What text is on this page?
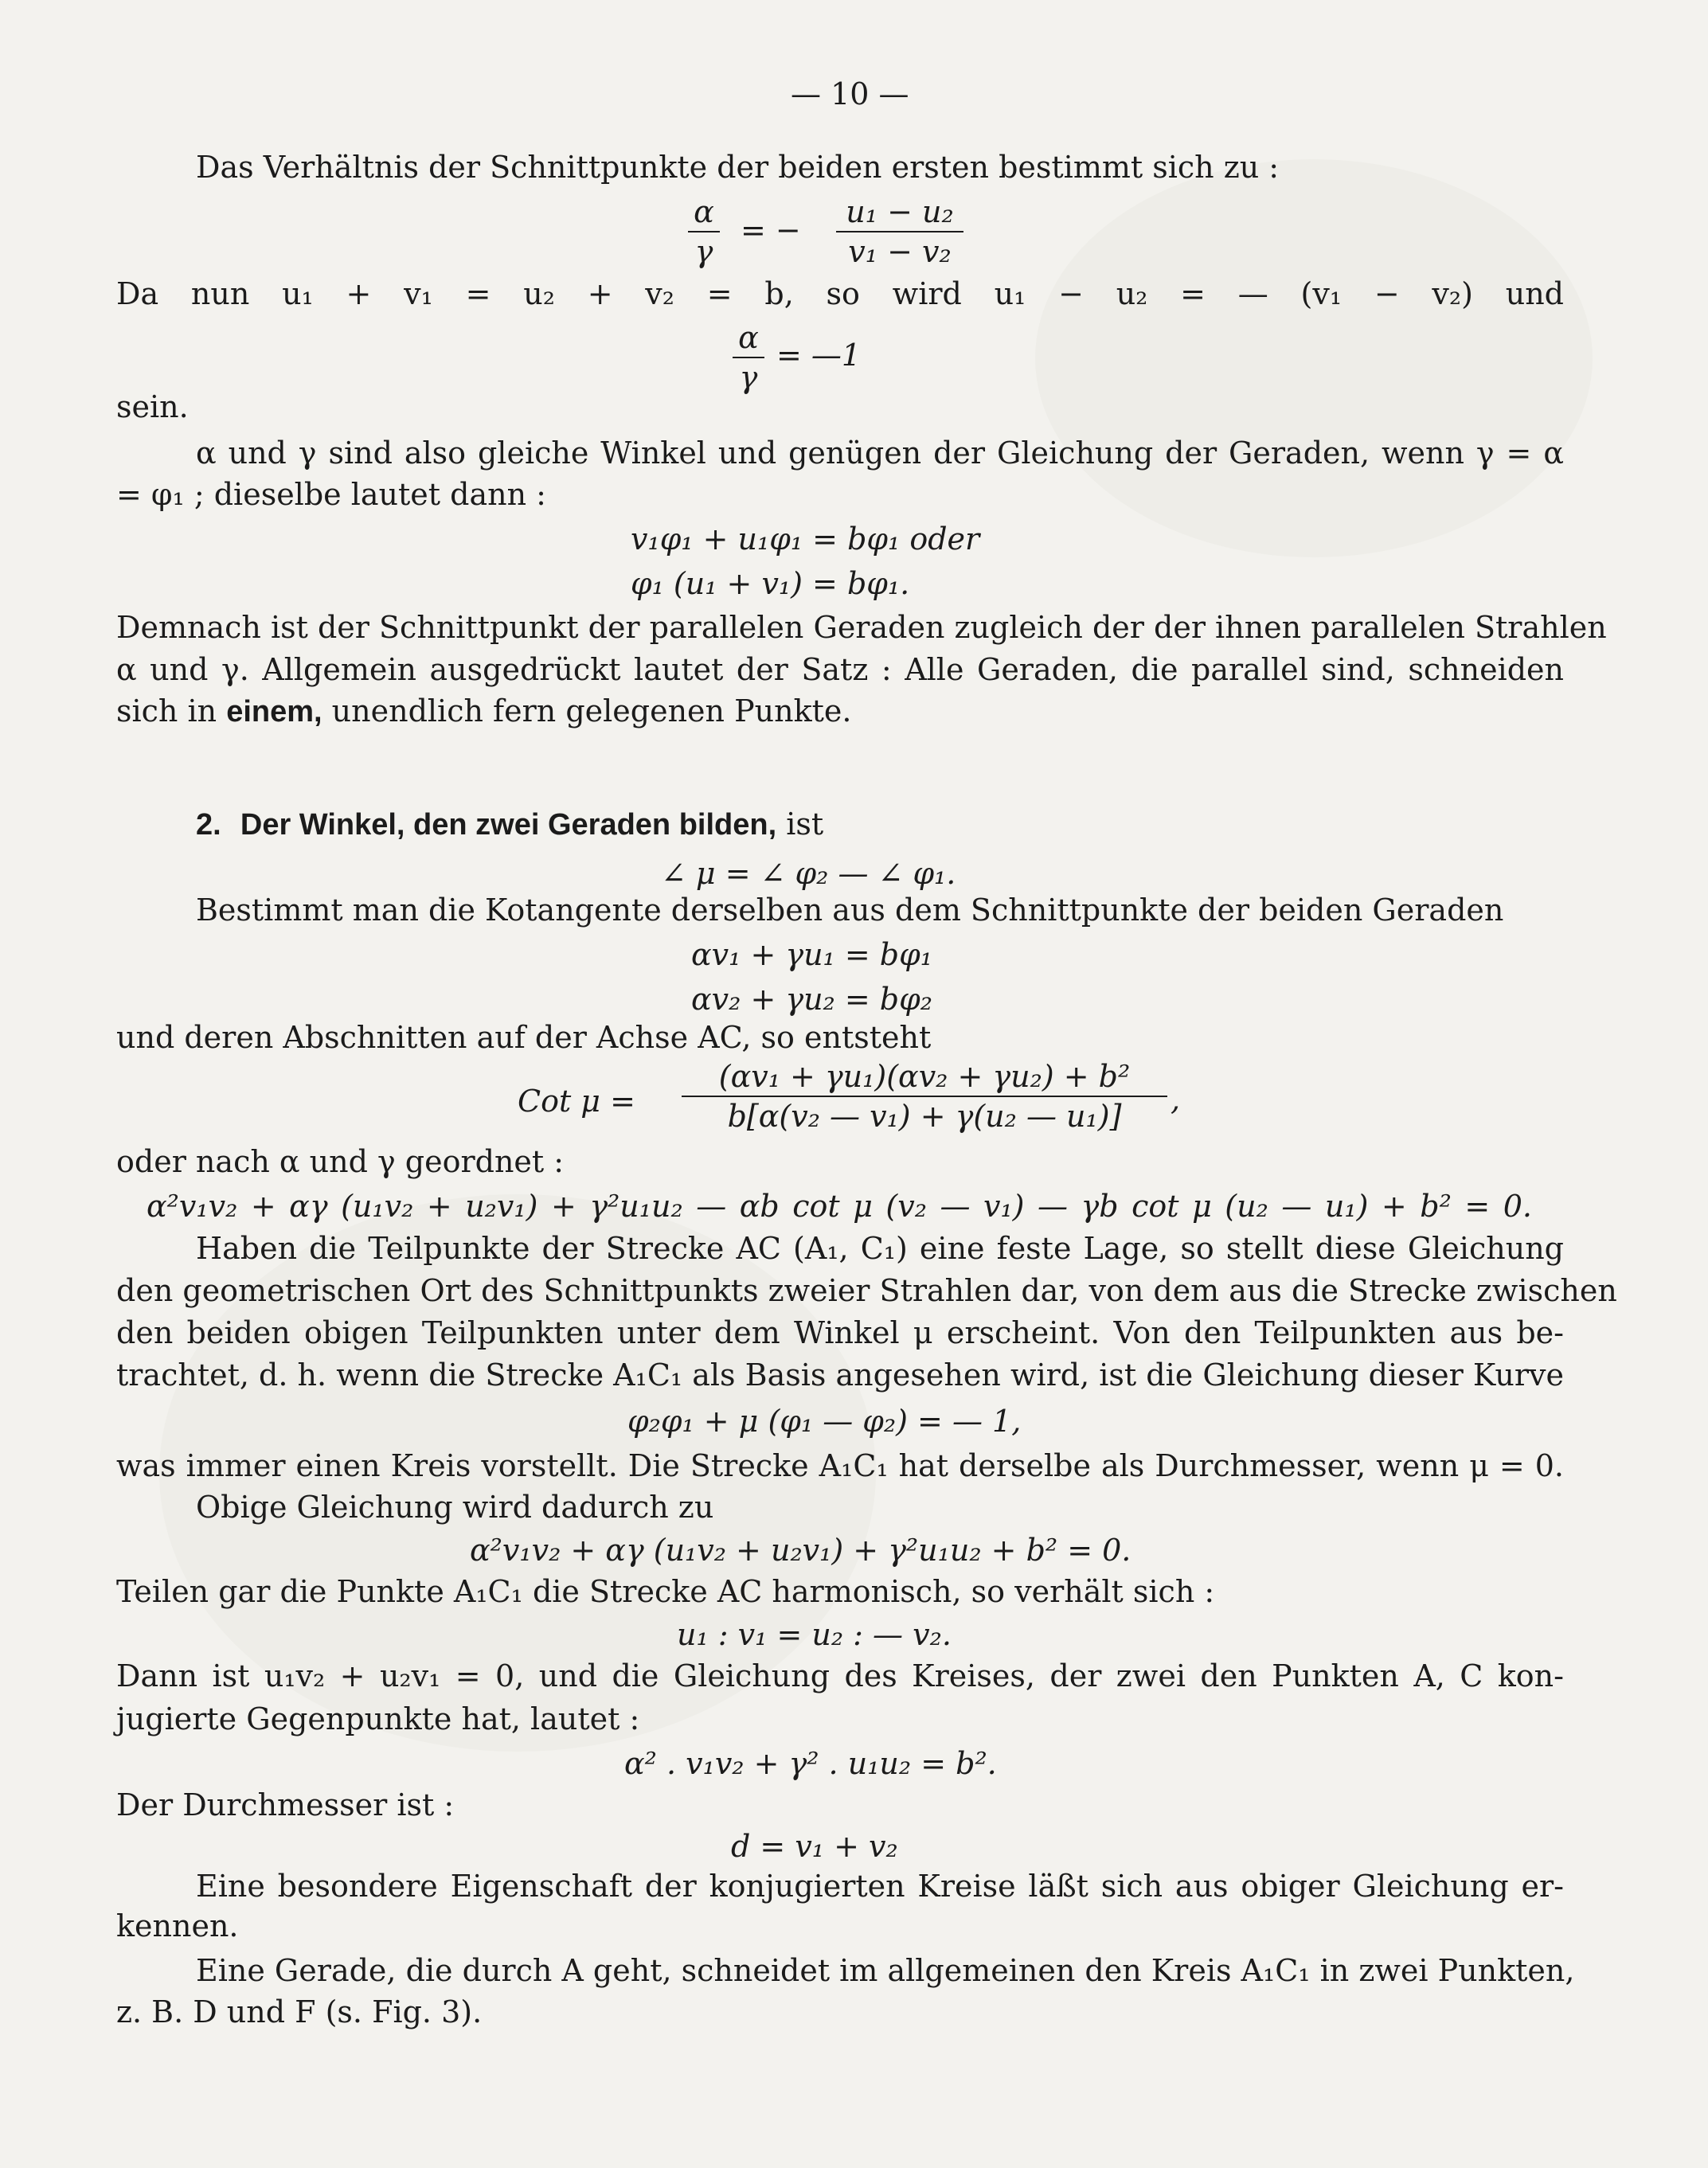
— 10 —
Das Verhältnis der Schnittpunkte der beiden ersten bestimmt sich zu :
α
γ
= −
u₁ − u₂
v₁ − v₂
Da nun u₁ + v₁ = u₂ + v₂ = b, so wird u₁ − u₂ = — (v₁ − v₂) und
α
γ
= —1
sein.
α und γ sind also gleiche Winkel und genügen der Gleichung der Geraden, wenn γ = α
= φ₁ ; dieselbe lautet dann :
v₁φ₁ + u₁φ₁ = bφ₁ oder
φ₁ (u₁ + v₁) = bφ₁.
Demnach ist der Schnittpunkt der parallelen Geraden zugleich der der ihnen parallelen Strahlen
α und γ. Allgemein ausgedrückt lautet der Satz : Alle Geraden, die parallel sind, schneiden
sich in einem, unendlich fern gelegenen Punkte.
2. Der Winkel, den zwei Geraden bilden, ist
∠ μ = ∠ φ₂ — ∠ φ₁.
Bestimmt man die Kotangente derselben aus dem Schnittpunkte der beiden Geraden
αv₁ + γu₁ = bφ₁
αv₂ + γu₂ = bφ₂
und deren Abschnitten auf der Achse AC, so entsteht
Cot μ =
(αv₁ + γu₁)(αv₂ + γu₂) + b²
b[α(v₂ — v₁) + γ(u₂ — u₁)]	,
oder nach α und γ geordnet :
α²v₁v₂ + αγ (u₁v₂ + u₂v₁) + γ²u₁u₂ — αb cot μ (v₂ — v₁) — γb cot μ (u₂ — u₁) + b² = 0.
Haben die Teilpunkte der Strecke AC (A₁, C₁) eine feste Lage, so stellt diese Gleichung
den geometrischen Ort des Schnittpunkts zweier Strahlen dar, von dem aus die Strecke zwischen
den beiden obigen Teilpunkten unter dem Winkel μ erscheint. Von den Teilpunkten aus be-
trachtet, d. h. wenn die Strecke A₁C₁ als Basis angesehen wird, ist die Gleichung dieser Kurve
φ₂φ₁ + μ (φ₁ — φ₂) = — 1,
was immer einen Kreis vorstellt. Die Strecke A₁C₁ hat derselbe als Durchmesser, wenn μ = 0.
Obige Gleichung wird dadurch zu
α²v₁v₂ + αγ (u₁v₂ + u₂v₁) + γ²u₁u₂ + b² = 0.
Teilen gar die Punkte A₁C₁ die Strecke AC harmonisch, so verhält sich :
u₁ : v₁ = u₂ : — v₂.
Dann ist u₁v₂ + u₂v₁ = 0, und die Gleichung des Kreises, der zwei den Punkten A, C kon-
jugierte Gegenpunkte hat, lautet :
α² . v₁v₂ + γ² . u₁u₂ = b².
Der Durchmesser ist :
d = v₁ + v₂
Eine besondere Eigenschaft der konjugierten Kreise läßt sich aus obiger Gleichung er-
kennen.
Eine Gerade, die durch A geht, schneidet im allgemeinen den Kreis A₁C₁ in zwei Punkten,
z. B. D und F (s. Fig. 3).
